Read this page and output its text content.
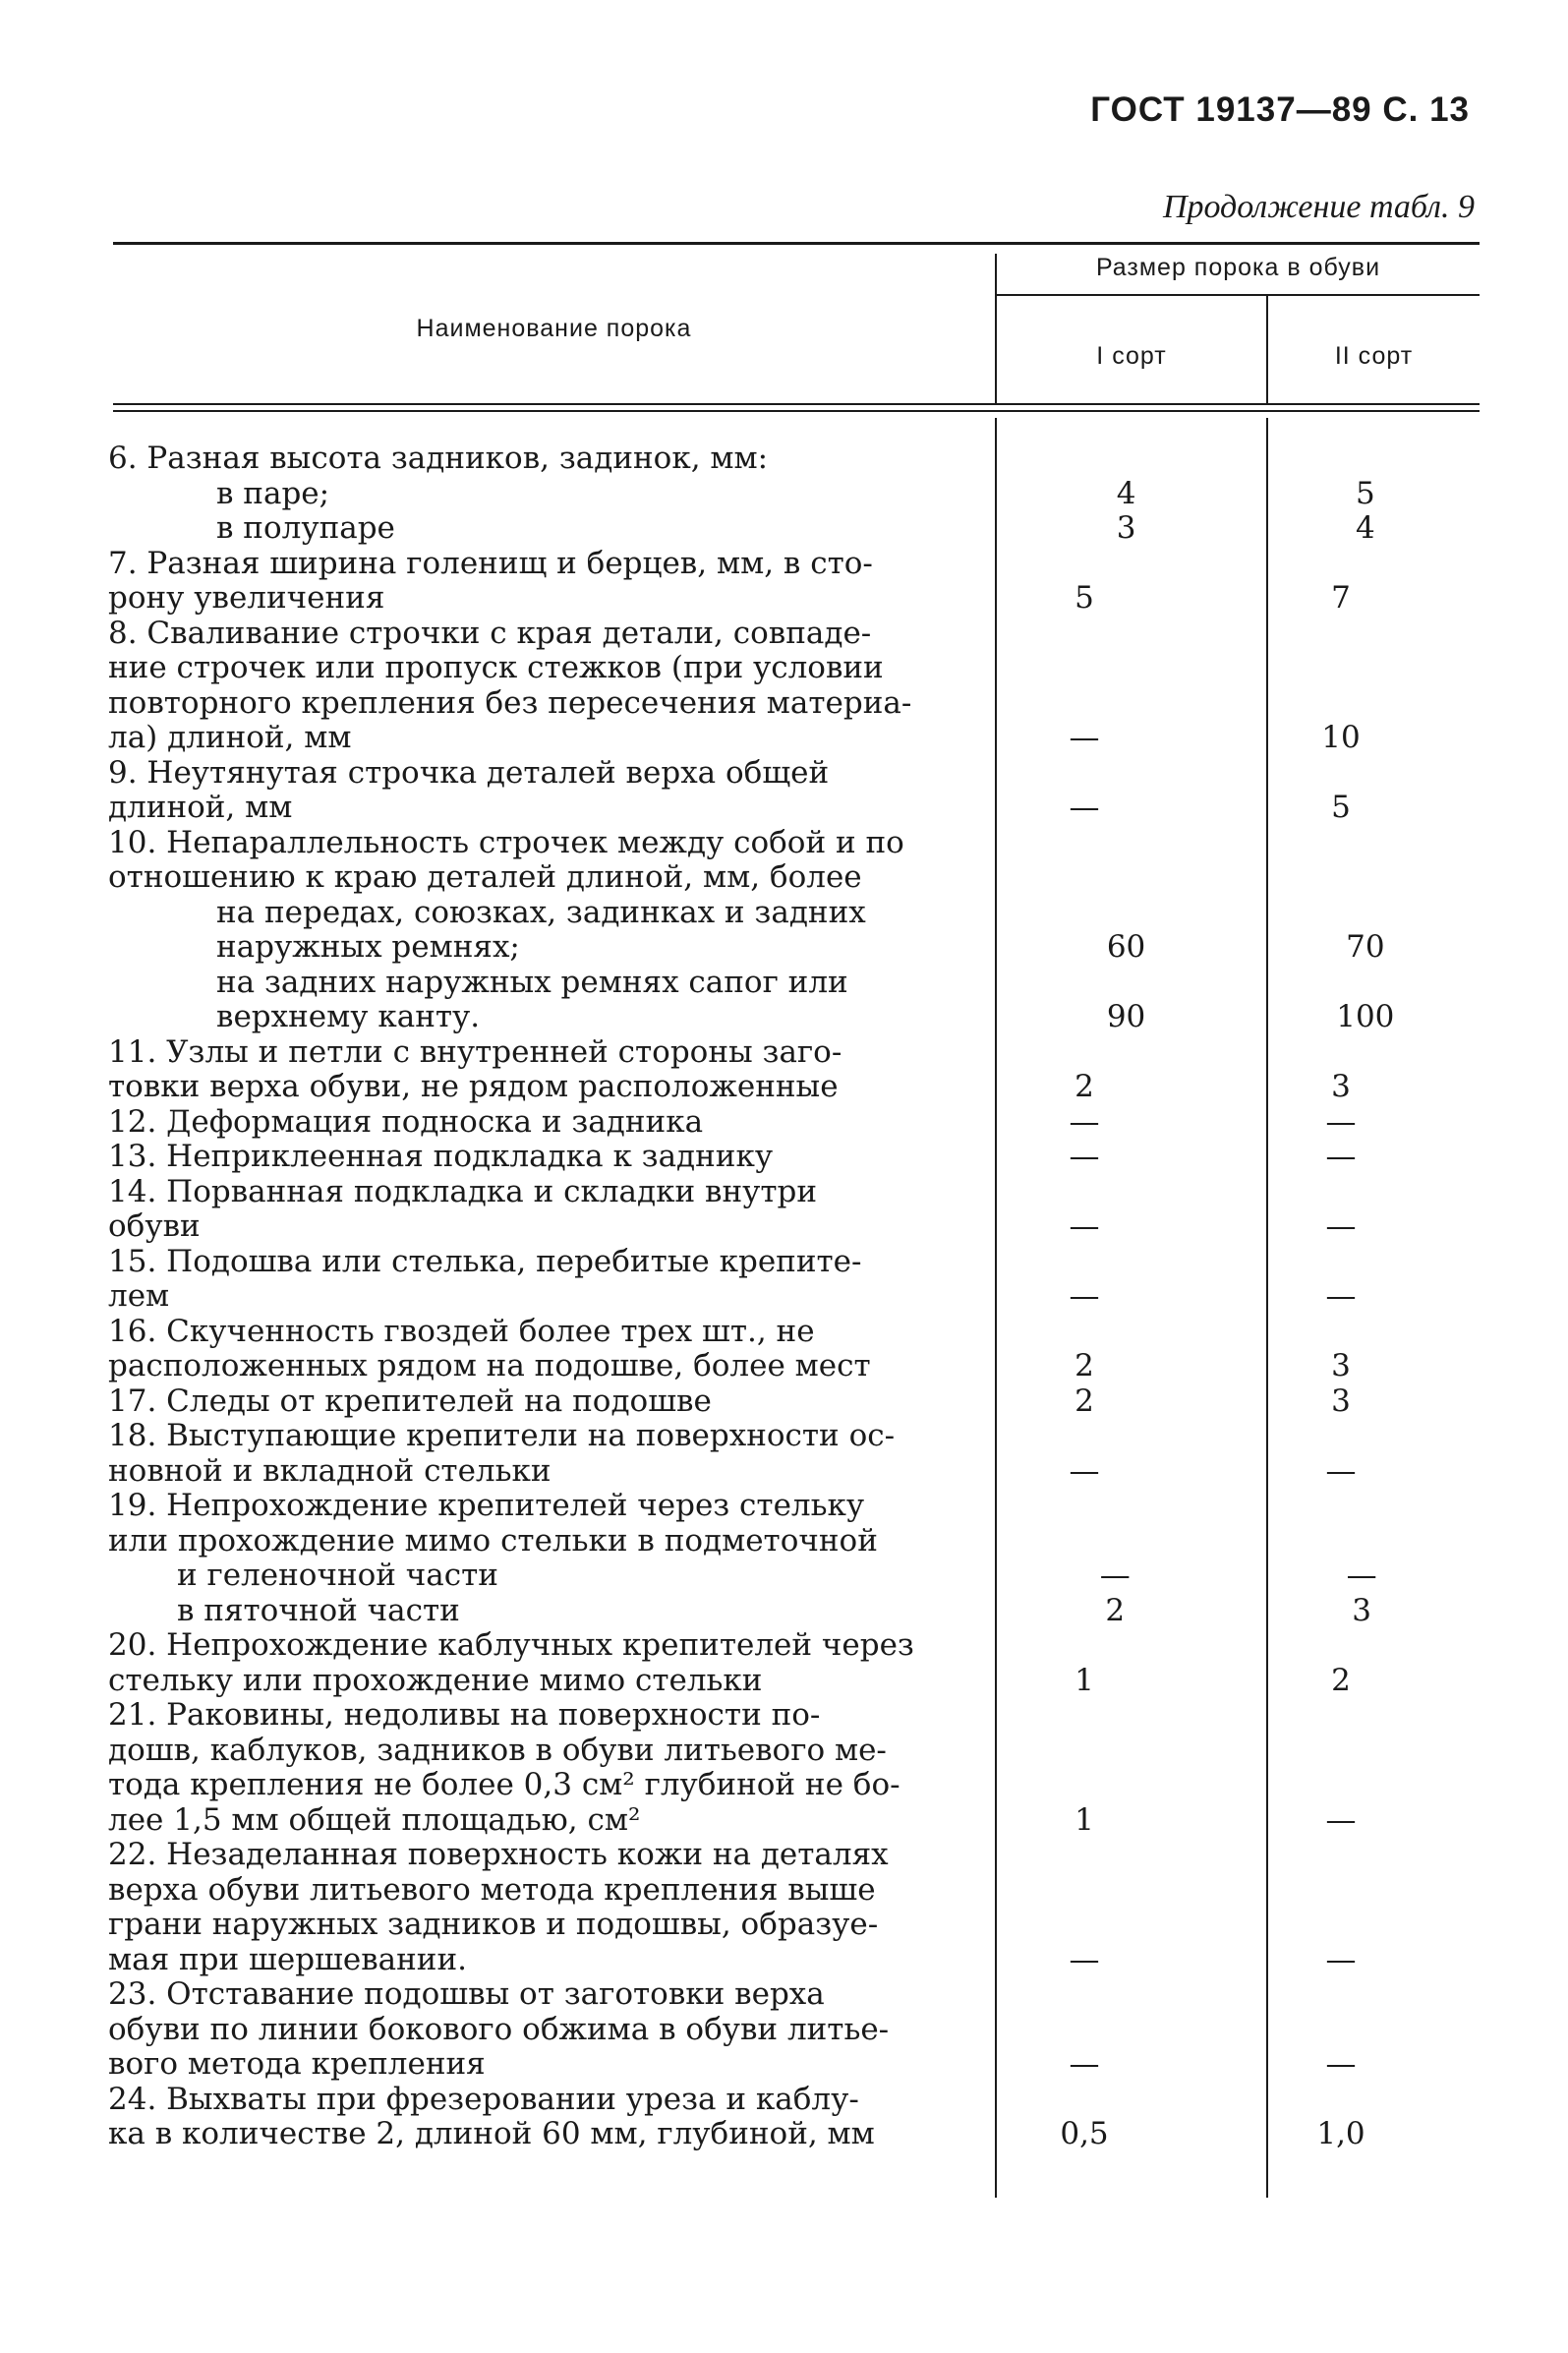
ГОСТ 19137—89 С. 13
Продолжение табл. 9
Наименование порока
Размер порока в обуви
I сорт	II сорт
6. Разная высота задников, задинок, мм:
в паре;	4	5
в полупаре	3	4
7. Разная ширина голенищ и берцев, мм, в сто-
рону увеличения	5	7
8. Сваливание строчки с края детали, совпаде-
ние строчек или пропуск стежков (при условии
повторного крепления без пересечения материа-
ла) длиной, мм	—	10
9. Неутянутая строчка деталей верха общей
длиной, мм	—	5
10. Непараллельность строчек между собой и по
отношению к краю деталей длиной, мм, более
на передах, союзках, задинках и задних
наружных ремнях;	60	70
на задних наружных ремнях сапог или
верхнему канту.	90	100
11. Узлы и петли с внутренней стороны заго-
товки верха обуви, не рядом расположенные	2	3
12. Деформация подноска и задника	—	—
13. Неприклеенная подкладка к заднику	—	—
14. Порванная подкладка и складки внутри
обуви	—	—
15. Подошва или стелька, перебитые крепите-
лем	—	—
16. Скученность гвоздей более трех шт., не
расположенных рядом на подошве, более мест	2	3
17. Следы от крепителей на подошве	2	3
18. Выступающие крепители на поверхности ос-
новной и вкладной стельки	—	—
19. Непрохождение крепителей через стельку
или прохождение мимо стельки в подметочной
и геленочной части	—	—
в пяточной части	2	3
20. Непрохождение каблучных крепителей через
стельку или прохождение мимо стельки	1	2
21. Раковины, недоливы на поверхности по-
дошв, каблуков, задников в обуви литьевого ме-
тода крепления не более 0,3 см² глубиной не бо-
лее 1,5 мм общей площадью, см²	1	—
22. Незаделанная поверхность кожи на деталях
верха обуви литьевого метода крепления выше
грани наружных задников и подошвы, образуе-
мая при шершевании.	—	—
23. Отставание подошвы от заготовки верха
обуви по линии бокового обжима в обуви литье-
вого метода крепления	—	—
24. Выхваты при фрезеровании уреза и каблу-
ка в количестве 2, длиной 60 мм, глубиной, мм	0,5	1,0
